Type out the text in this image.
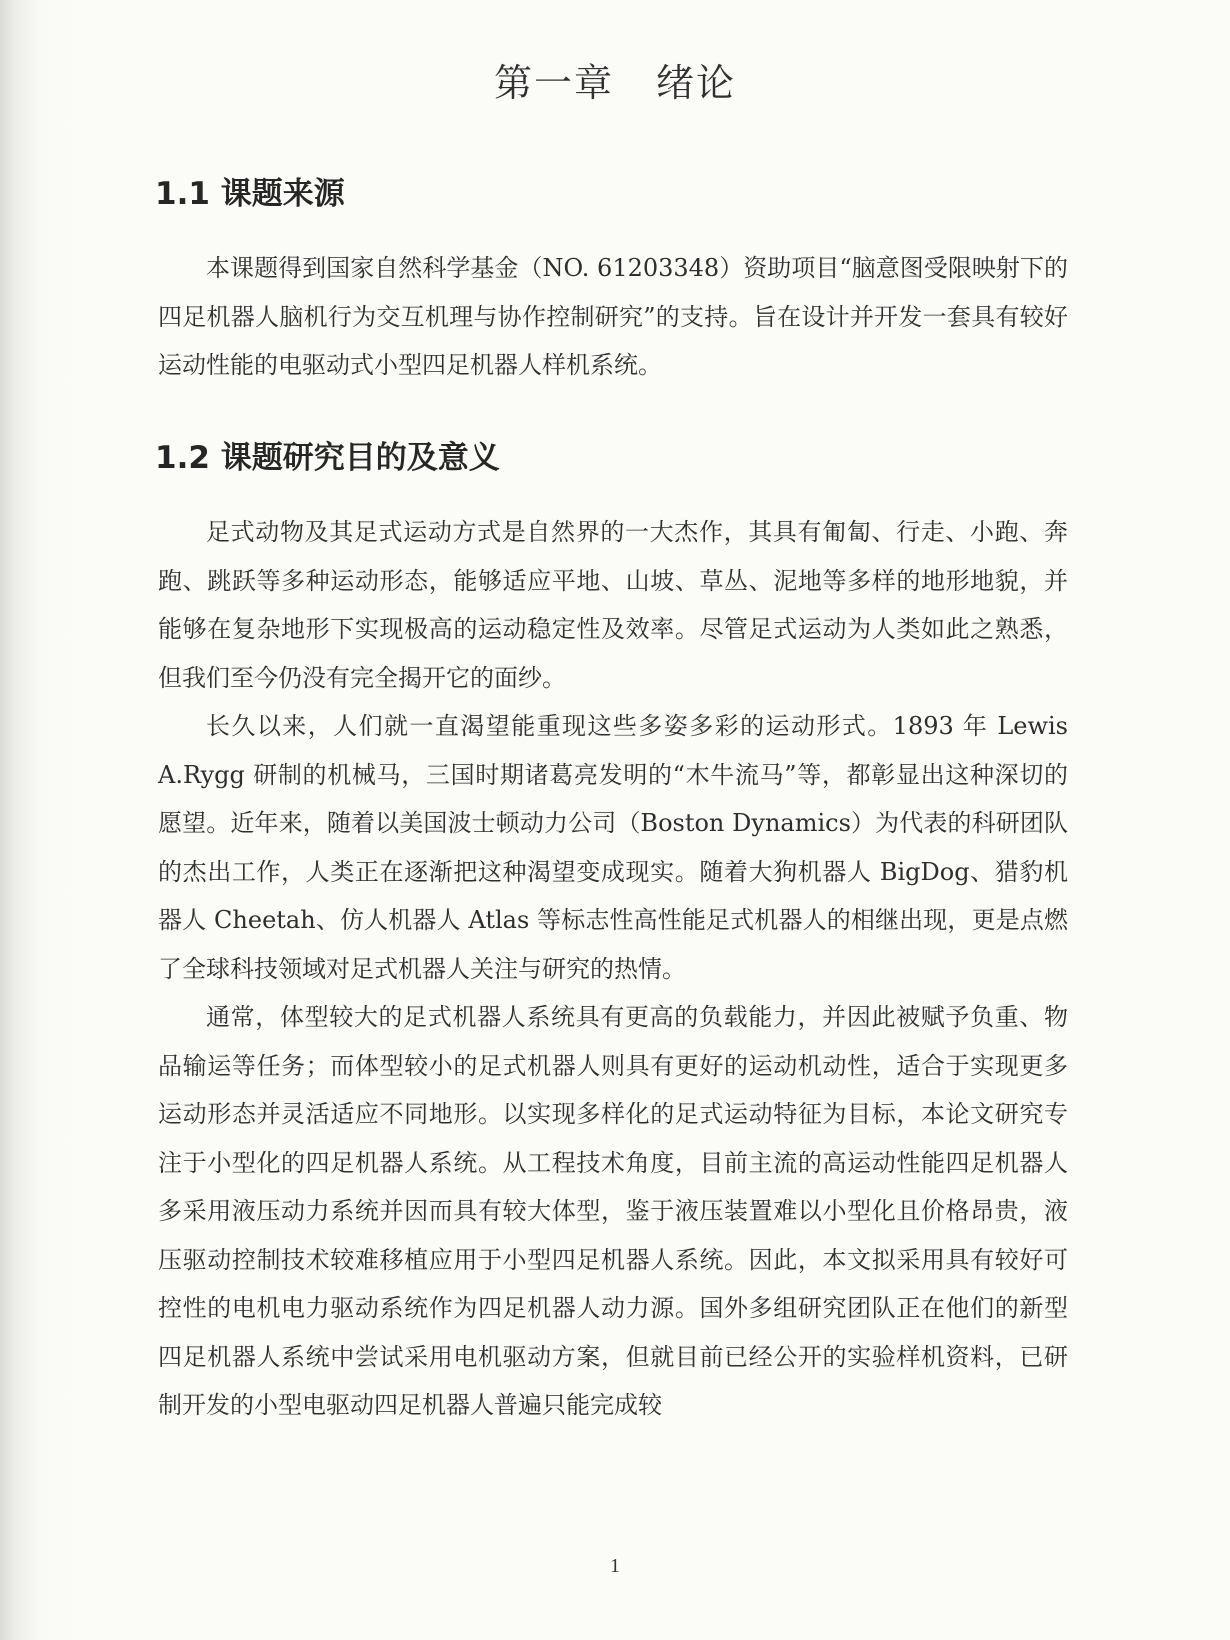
第一章 绪论
1.1 课题来源

本课题得到国家自然科学基金（NO. 61203348）资助项目“脑意图受限映射下的四足机器人脑机行为交互机理与协作控制研究”的支持。旨在设计并开发一套具有较好运动性能的电驱动式小型四足机器人样机系统。

1.2 课题研究目的及意义

足式动物及其足式运动方式是自然界的一大杰作，其具有匍匐、行走、小跑、奔跑、跳跃等多种运动形态，能够适应平地、山坡、草丛、泥地等多样的地形地貌，并能够在复杂地形下实现极高的运动稳定性及效率。尽管足式运动为人类如此之熟悉，但我们至今仍没有完全揭开它的面纱。

长久以来，人们就一直渴望能重现这些多姿多彩的运动形式。1893 年 Lewis A.Rygg 研制的机械马，三国时期诸葛亮发明的“木牛流马”等，都彰显出这种深切的愿望。近年来，随着以美国波士顿动力公司（Boston Dynamics）为代表的科研团队的杰出工作，人类正在逐渐把这种渴望变成现实。随着大狗机器人 BigDog、猎豹机器人 Cheetah、仿人机器人 Atlas 等标志性高性能足式机器人的相继出现，更是点燃了全球科技领域对足式机器人关注与研究的热情。

通常，体型较大的足式机器人系统具有更高的负载能力，并因此被赋予负重、物品输运等任务；而体型较小的足式机器人则具有更好的运动机动性，适合于实现更多运动形态并灵活适应不同地形。以实现多样化的足式运动特征为目标，本论文研究专注于小型化的四足机器人系统。从工程技术角度，目前主流的高运动性能四足机器人多采用液压动力系统并因而具有较大体型，鉴于液压装置难以小型化且价格昂贵，液压驱动控制技术较难移植应用于小型四足机器人系统。因此，本文拟采用具有较好可控性的电机电力驱动系统作为四足机器人动力源。国外多组研究团队正在他们的新型四足机器人系统中尝试采用电机驱动方案，但就目前已经公开的实验样机资料，已研制开发的小型电驱动四足机器人普遍只能完成较

1
